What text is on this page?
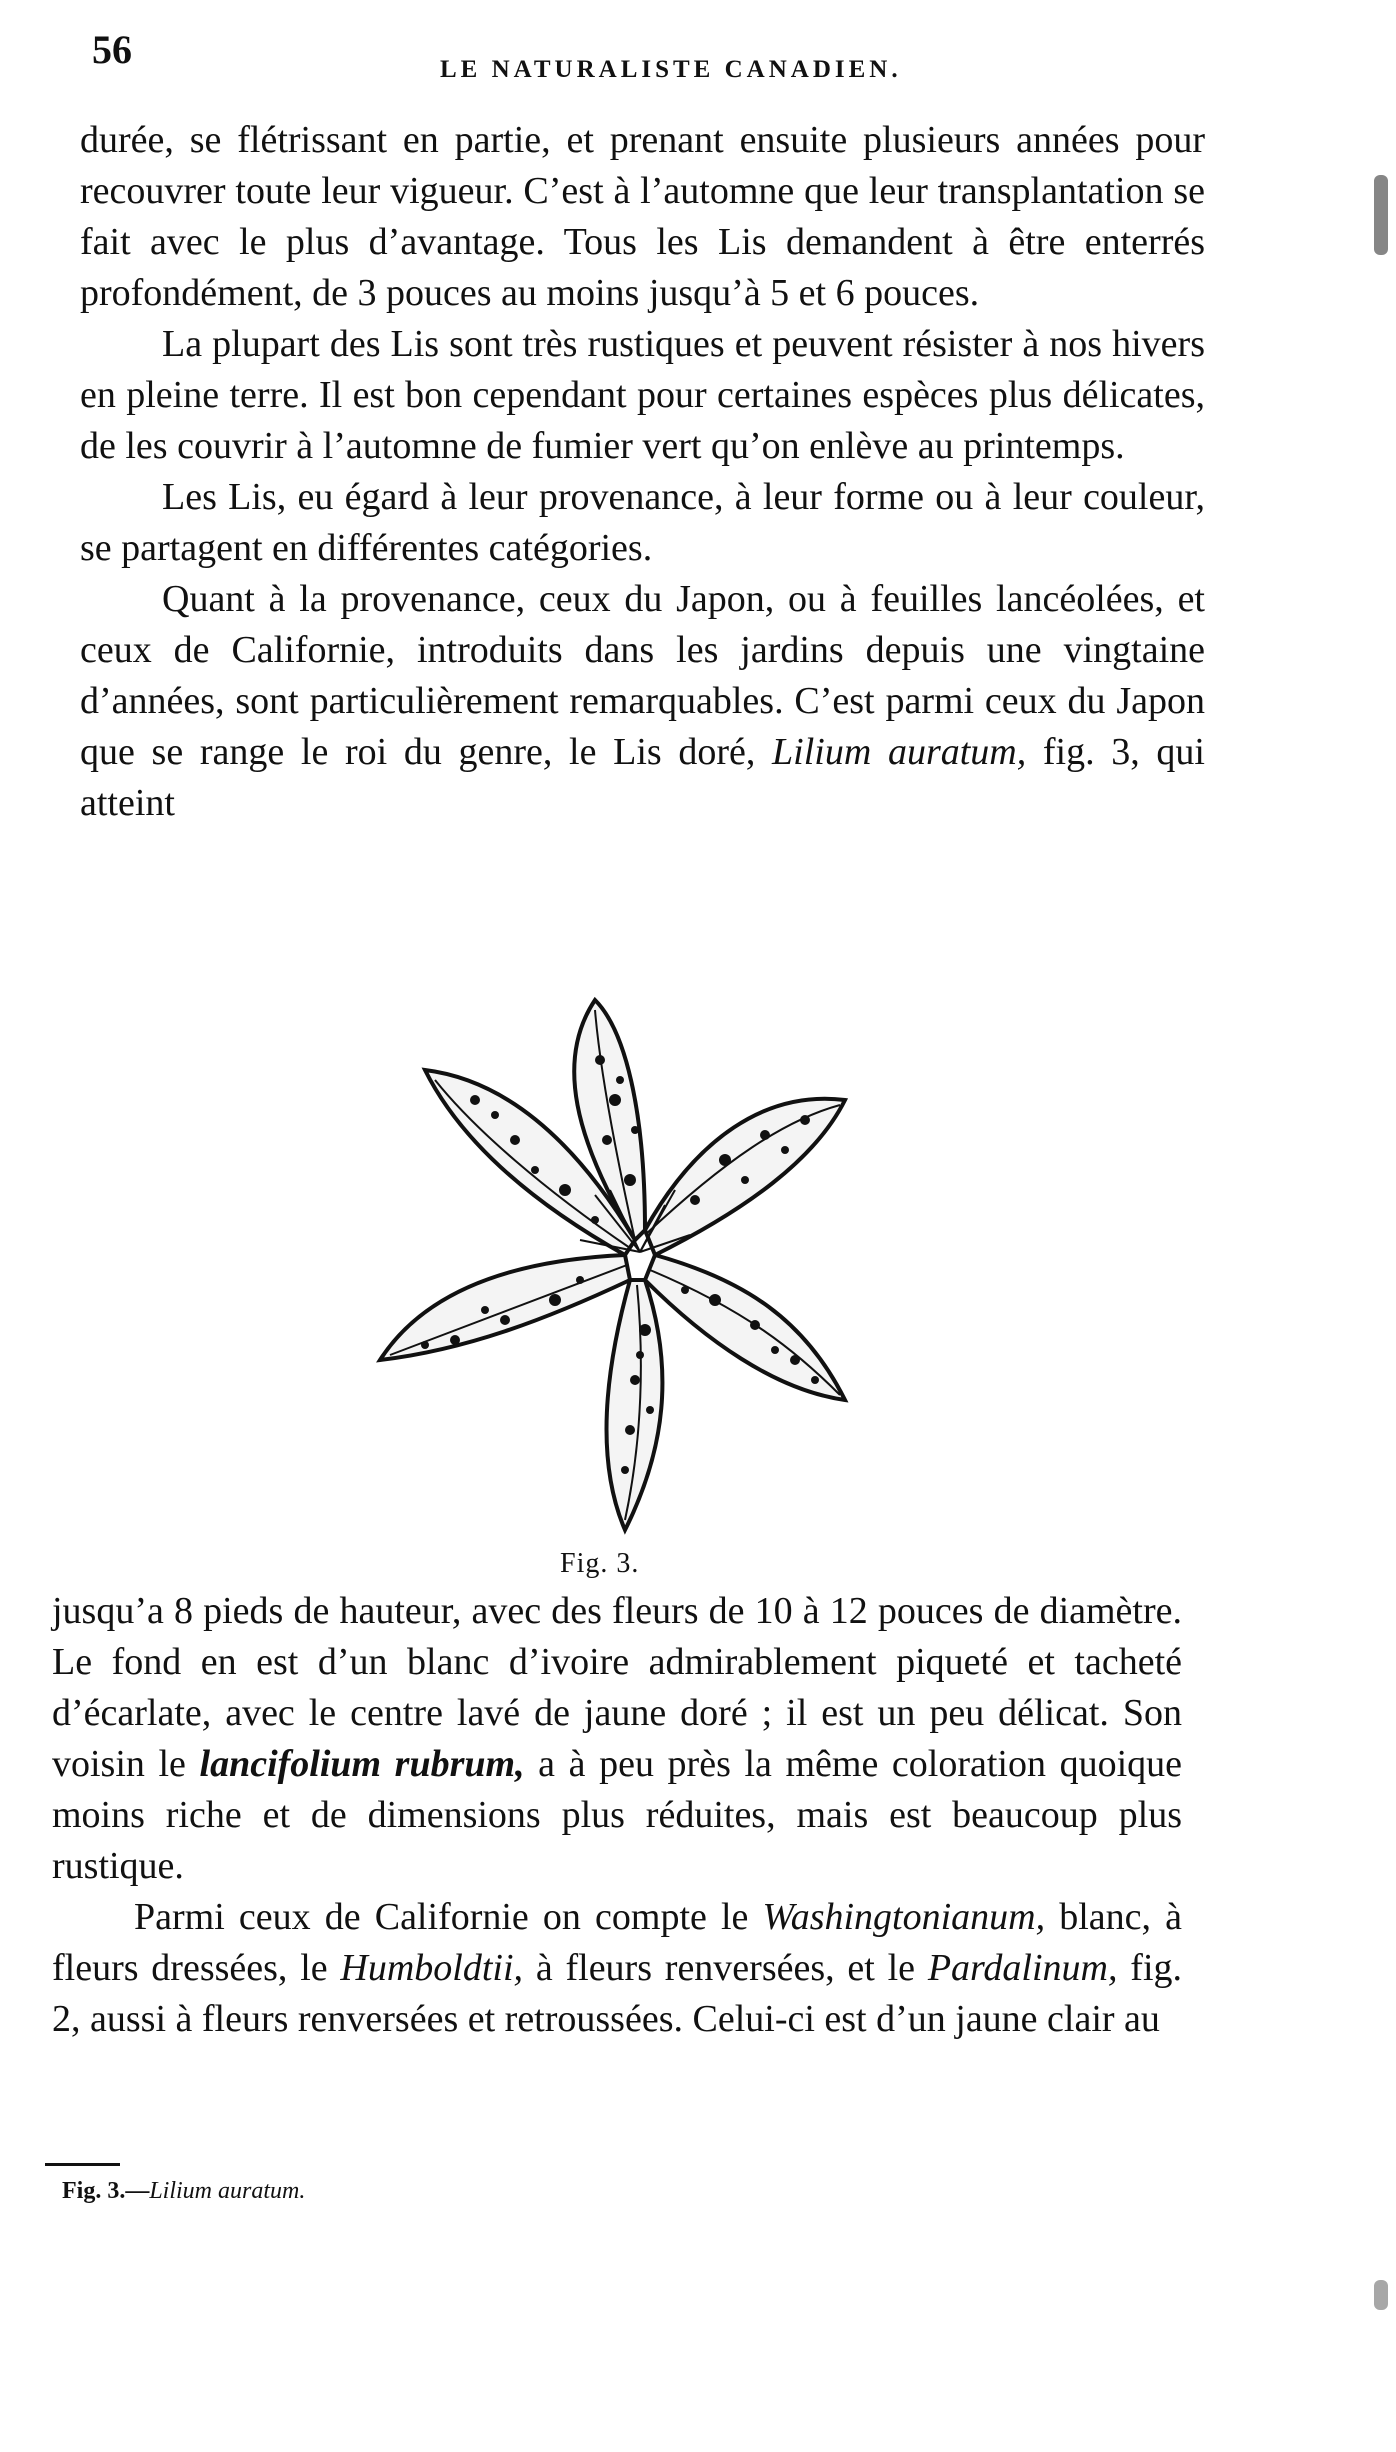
56	LE NATURALISTE CANADIEN.

durée, se flétrissant en partie, et prenant ensuite plusieurs années pour recouvrer toute leur vigueur. C’est à l’automne que leur transplantation se fait avec le plus d’avantage. Tous les Lis demandent à être enterrés profondément, de 3 pouces au moins jusqu’à 5 et 6 pouces.

La plupart des Lis sont très rustiques et peuvent résister à nos hivers en pleine terre. Il est bon cependant pour certaines espèces plus délicates, de les couvrir à l’automne de fumier vert qu’on enlève au printemps.

Les Lis, eu égard à leur provenance, à leur forme ou à leur couleur, se partagent en différentes catégories.

Quant à la provenance, ceux du Japon, ou à feuilles lancéolées, et ceux de Californie, introduits dans les jardins depuis une vingtaine d’années, sont particulièrement remarquables. C’est parmi ceux du Japon que se range le roi du genre, le Lis doré, Lilium auratum, fig. 3, qui atteint

Fig. 3.

jusqu’a 8 pieds de hauteur, avec des fleurs de 10 à 12 pouces de diamètre. Le fond en est d’un blanc d’ivoire admirablement piqueté et tacheté d’écarlate, avec le centre lavé de jaune doré ; il est un peu délicat. Son voisin le lancifolium rubrum, a à peu près la même coloration quoique moins riche et de dimensions plus réduites, mais est beaucoup plus rustique.

Parmi ceux de Californie on compte le Washingtonianum, blanc, à fleurs dressées, le Humboldtii, à fleurs renversées, et le Pardalinum, fig. 2, aussi à fleurs renversées et retroussées. Celui-ci est d’un jaune clair au

Fig. 3.—Lilium auratum.
